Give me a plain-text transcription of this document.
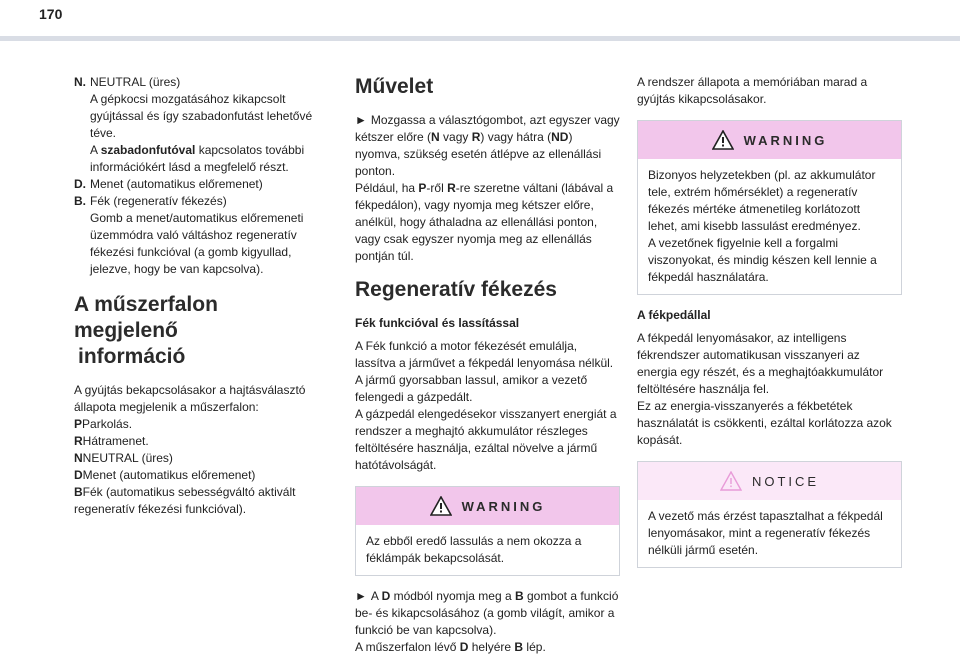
170
N. NEUTRAL (üres)
A gépkocsi mozgatásához kikapcsolt gyújtással és így szabadonfutást lehetővé téve.
A szabadonfutóval kapcsolatos további információkért lásd a megfelelő részt.
D. Menet (automatikus előremenet)
B. Fék (regeneratív fékezés)
Gomb a menet/automatikus előremeneti üzemmódra való váltáshoz regeneratív fékezési funkcióval (a gomb kigyullad, jelezve, hogy be van kapcsolva).
A műszerfalon megjelenő
információ

A gyújtás bekapcsolásakor a hajtásválasztó állapota megjelenik a műszerfalon:

PParkolás.
RHátramenet.
NNEUTRAL (üres)
DMenet (automatikus előremenet)
BFék (automatikus sebességváltó aktivált regeneratív fékezési funkcióval).
Művelet

► Mozgassa a választógombot, azt egyszer vagy kétszer előre (N vagy R) vagy hátra (ND) nyomva, szükség esetén átlépve az ellenállási ponton.
Például, ha P-ről R-re szeretne váltani (lábával a fékpedálon), vagy nyomja meg kétszer előre, anélkül, hogy áthaladna az ellenállási ponton, vagy csak egyszer nyomja meg az ellenállás pontján túl.

Regeneratív fékezés
Fék funkcióval és lassítással

A Fék funkció a motor fékezését emulálja, lassítva a járművet a fékpedál lenyomása nélkül. A jármű gyorsabban lassul, amikor a vezető felengedi a gázpedált.

A gázpedál elengedésekor visszanyert energiát a rendszer a meghajtó akkumulátor részleges feltöltésére használja, ezáltal növelve a jármű hatótávolságát.

WARNING
Az ebből eredő lassulás a nem okozza a féklámpák bekapcsolását.

► A D módból nyomja meg a B gombot a funkció be- és kikapcsolásához (a gomb világít, amikor a funkció be van kapcsolva).
A műszerfalon lévő D helyére B lép.

A rendszer állapota a memóriában marad a gyújtás kikapcsolásakor.

WARNING

Bizonyos helyzetekben (pl. az akkumulátor tele, extrém hőmérséklet) a regeneratív fékezés mértéke átmenetileg korlátozott lehet, ami kisebb lassulást eredményez.

A vezetőnek figyelnie kell a forgalmi viszonyokat, és mindig készen kell lennie a fékpedál használatára.

A fékpedállal

A fékpedál lenyomásakor, az intelligens fékrendszer automatikusan visszanyeri az energia egy részét, és a meghajtóakkumulátor feltöltésére használja fel.

Ez az energia-visszanyerés a fékbetétek használatát is csökkenti, ezáltal korlátozza azok kopását.

NOTICE
A vezető más érzést tapasztalhat a fékpedál lenyomásakor, mint a regeneratív fékezés nélküli jármű esetén.
